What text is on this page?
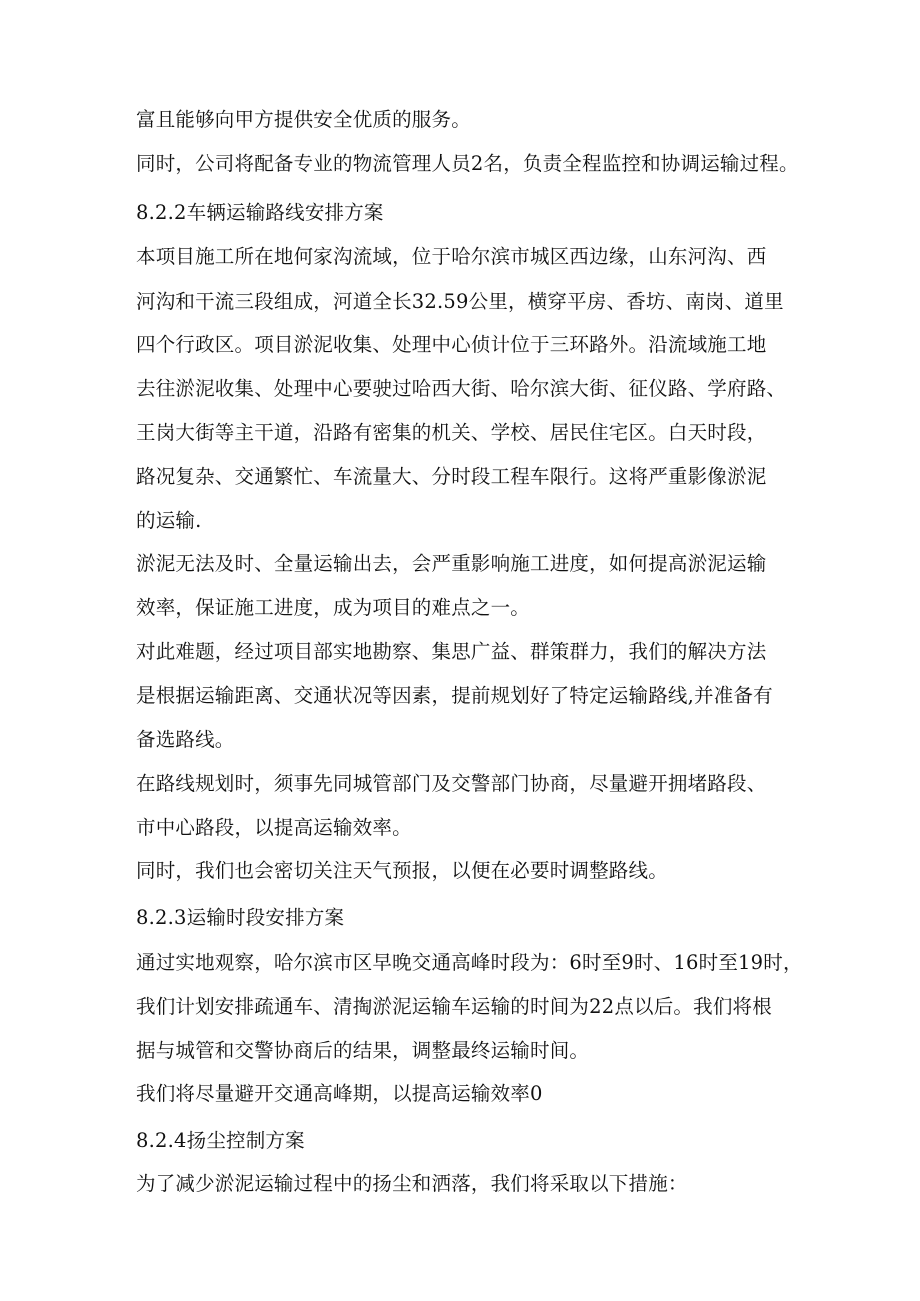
富且能够向甲方提供安全优质的服务。
同时，公司将配备专业的物流管理人员2名，负责全程监控和协调运输过程。
8.2.2车辆运输路线安排方案
本项目施工所在地何家沟流域，位于哈尔滨市城区西边缘，山东河沟、西
河沟和干流三段组成，河道全长32.59公里，横穿平房、香坊、南岗、道里
四个行政区。项目淤泥收集、处理中心侦计位于三环路外。沿流域施工地
去往淤泥收集、处理中心要驶过哈西大街、哈尔滨大街、征仪路、学府路、
王岗大街等主干道，沿路有密集的机关、学校、居民住宅区。白天时段，
路况复杂、交通繁忙、车流量大、分时段工程车限行。这将严重影像淤泥
的运输.
淤泥无法及时、全量运输出去，会严重影响施工进度，如何提高淤泥运输
效率，保证施工进度，成为项目的难点之一。
对此难题，经过项目部实地勘察、集思广益、群策群力，我们的解决方法
是根据运输距离、交通状况等因素，提前规划好了特定运输路线,并准备有
备选路线。
在路线规划时，须事先同城管部门及交警部门协商，尽量避开拥堵路段、
市中心路段，以提高运输效率。
同时，我们也会密切关注天气预报，以便在必要时调整路线。
8.2.3运输时段安排方案
通过实地观察，哈尔滨市区早晚交通高峰时段为：6时至9时、16时至19时，
我们计划安排疏通车、清掏淤泥运输车运输的时间为22点以后。我们将根
据与城管和交警协商后的结果，调整最终运输时间。
我们将尽量避开交通高峰期，以提高运输效率0
8.2.4扬尘控制方案
为了减少淤泥运输过程中的扬尘和洒落，我们将采取以下措施：
